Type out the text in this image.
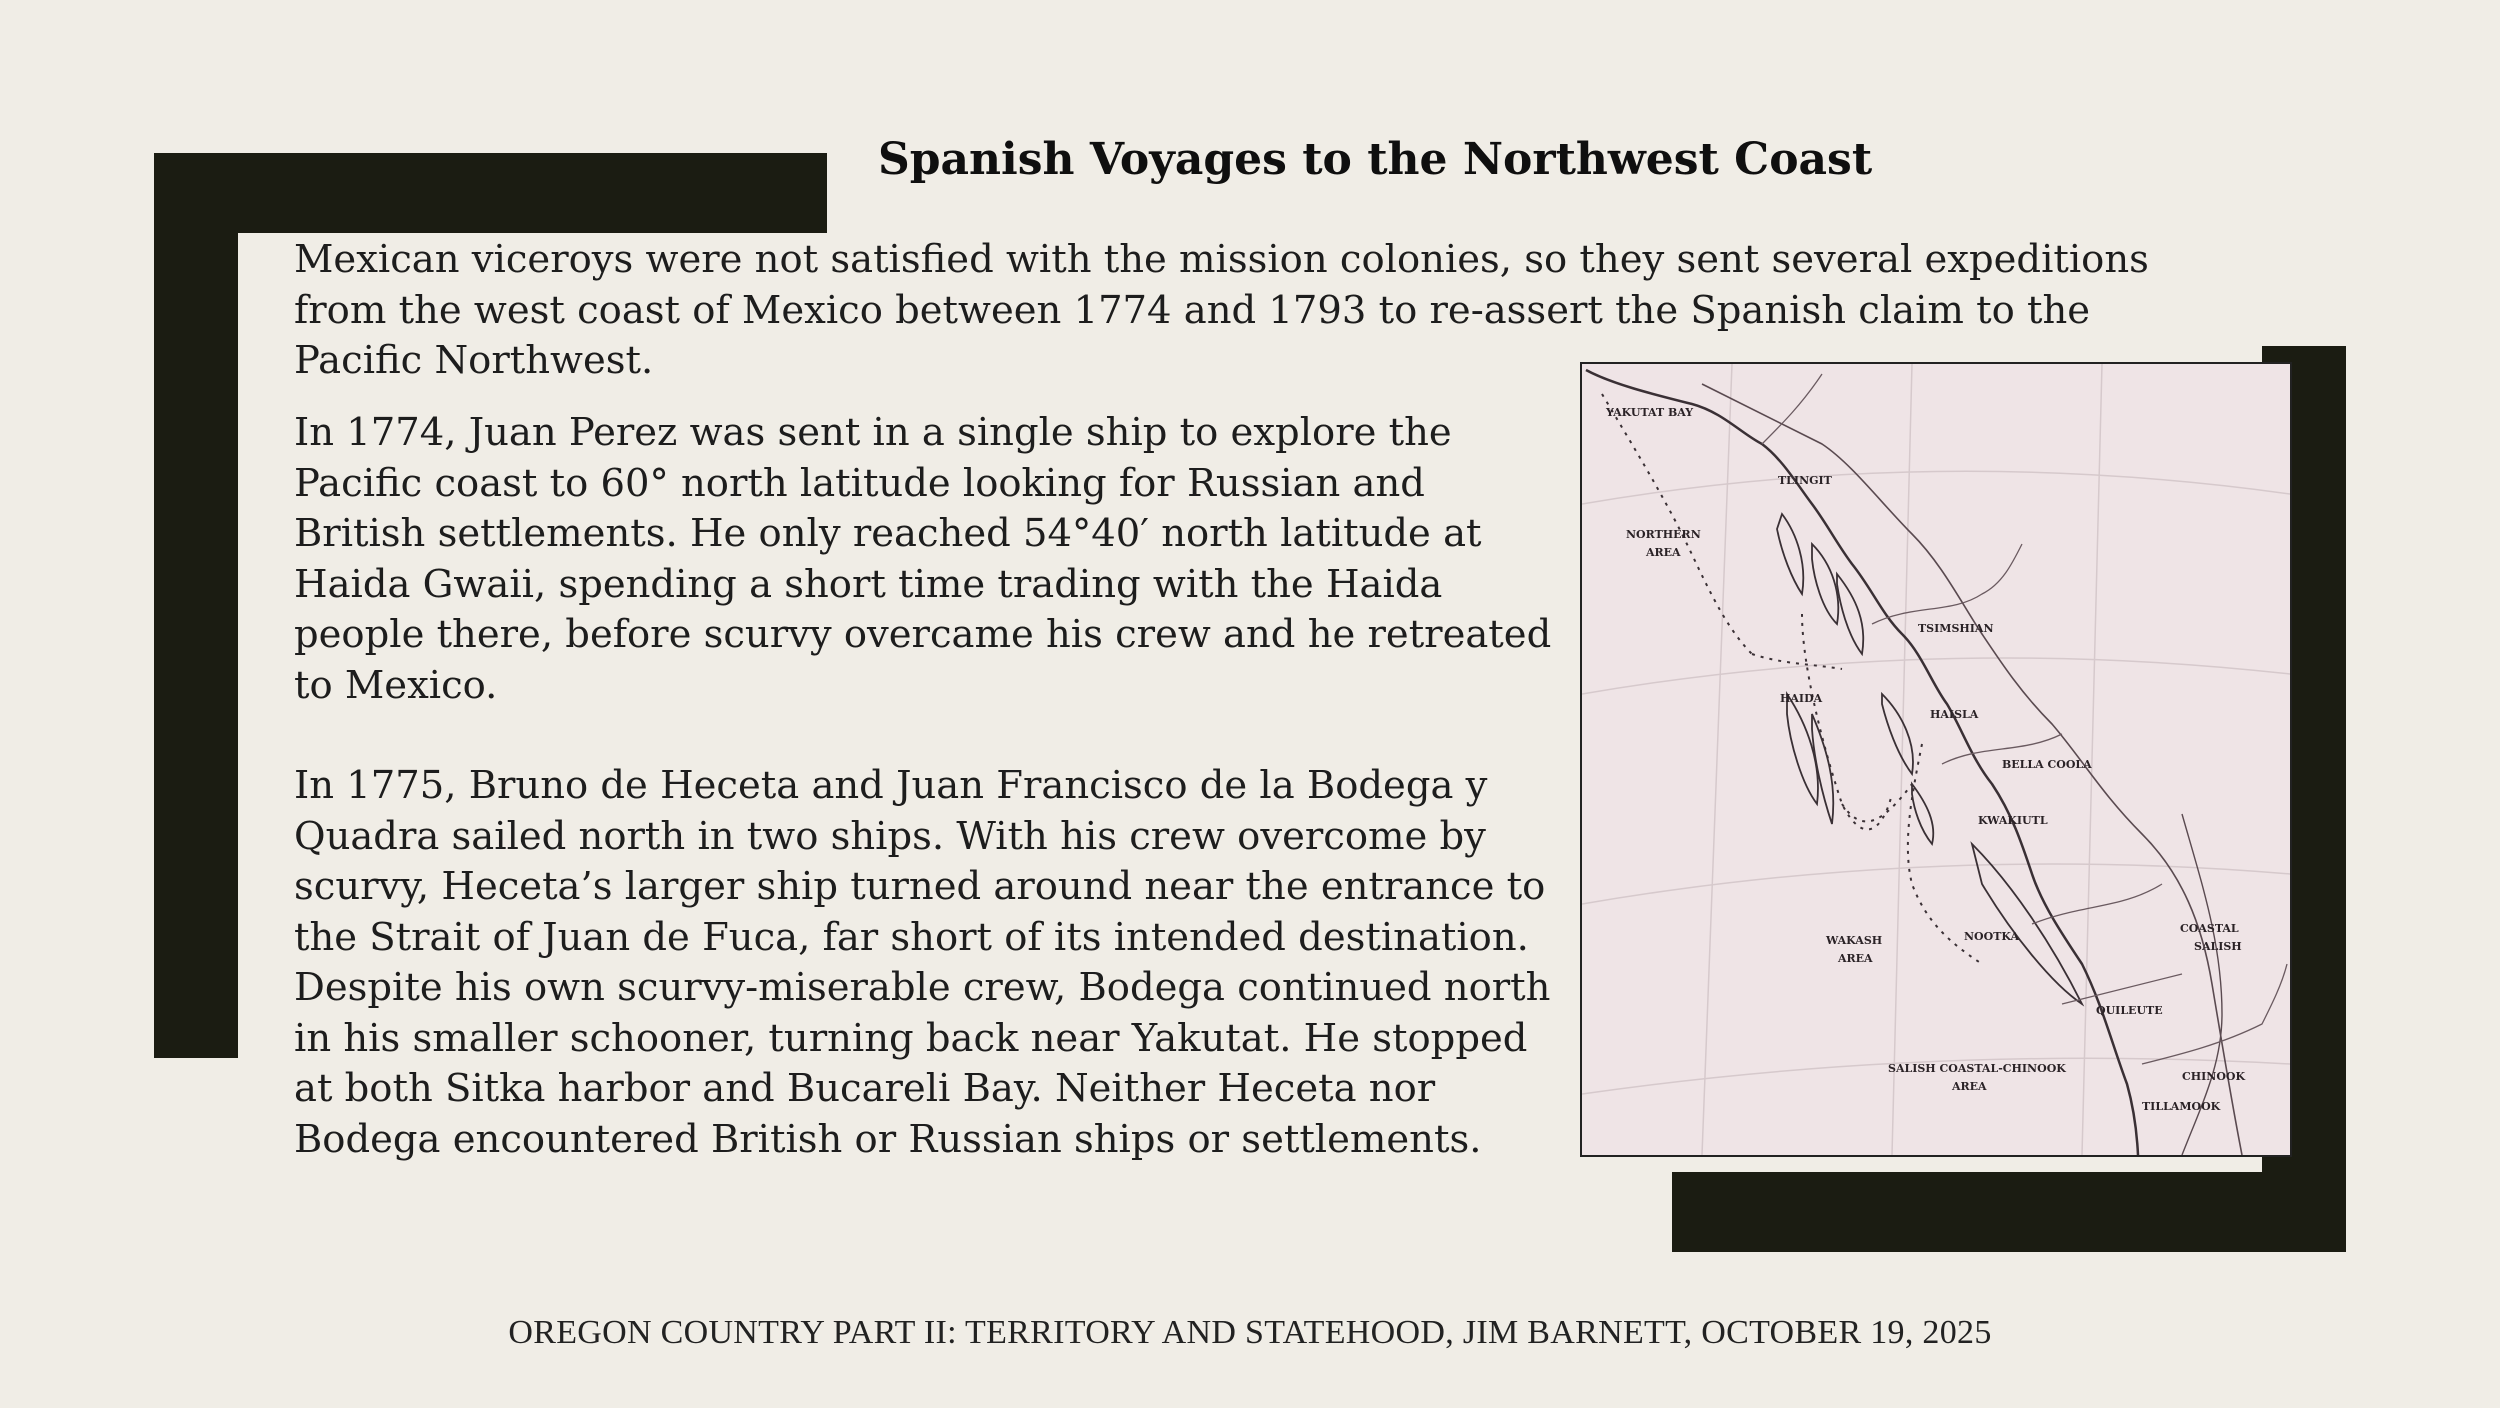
Spanish Voyages to the Northwest Coast

Mexican viceroys were not satisfied with the mission colonies, so they sent several expeditions from the west coast of Mexico between 1774 and 1793 to re-assert the Spanish claim to the Pacific Northwest.

In 1774, Juan Perez was sent in a single ship to explore the Pacific coast to 60° north latitude looking for Russian and British settlements. He only reached 54°40′ north latitude at Haida Gwaii, spending a short time trading with the Haida people there, before scurvy overcame his crew and he retreated to Mexico.

In 1775, Bruno de Heceta and Juan Francisco de la Bodega y Quadra sailed north in two ships. With his crew overcome by scurvy, Heceta’s larger ship turned around near the entrance to the Strait of Juan de Fuca, far short of its intended destination. Despite his own scurvy-miserable crew, Bodega continued north in his smaller schooner, turning back near Yakutat. He stopped at both Sitka harbor and Bucareli Bay. Neither Heceta nor Bodega encountered British or Russian ships or settlements.

YAKUTAT BAY
TLINGIT
NORTHERN
AREA
TSIMSHIAN
HAIDA
HAISLA
BELLA COOLA
KWAKIUTL
COASTAL
SALISH
WAKASH
AREA
NOOTKA
QUILEUTE
SALISH COASTAL-CHINOOK
AREA
CHINOOK
TILLAMOOK

OREGON COUNTRY PART II: TERRITORY AND STATEHOOD, JIM BARNETT, OCTOBER 19, 2025
